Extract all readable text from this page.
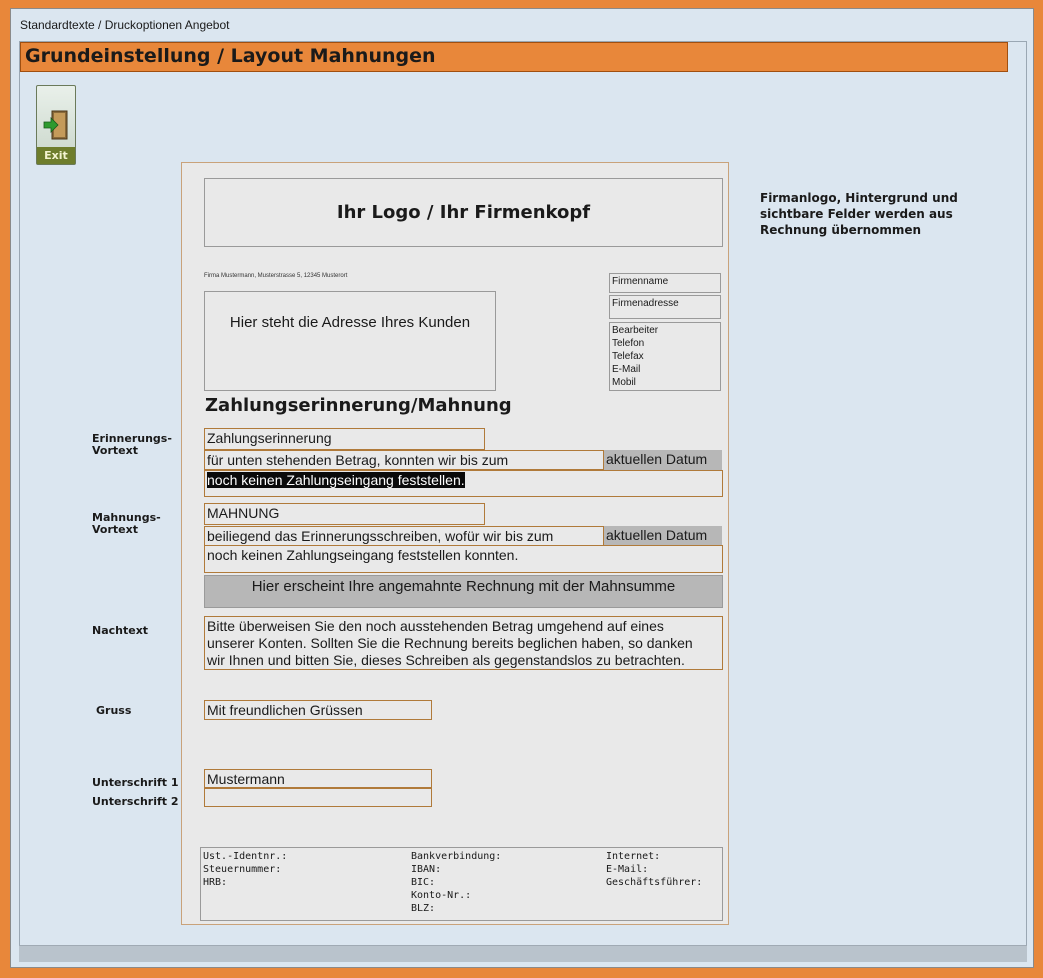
Standardtexte / Druckoptionen Angebot
Grundeinstellung / Layout Mahnungen
Exit
Erinnerungs-
Vortext
Mahnungs-
Vortext
Nachtext
Gruss
Unterschrift 1
Unterschrift 2
Firmanlogo, Hintergrund und sichtbare Felder werden aus Rechnung übernommen
Ihr Logo / Ihr Firmenkopf
Firma Mustermann, Musterstrasse 5, 12345 Musterort
Hier steht die Adresse Ihres Kunden
Firmenname
Firmenadresse
Bearbeiter
Telefon
Telefax
E-Mail
Mobil
Zahlungserinnerung/Mahnung
Zahlungserinnerung
für unten stehenden Betrag, konnten wir bis zum	aktuellen Datum
noch keinen Zahlungseingang feststellen.
MAHNUNG
beiliegend das Erinnerungsschreiben, wofür wir bis zum	aktuellen Datum
noch keinen Zahlungseingang feststellen konnten.
Hier erscheint Ihre angemahnte Rechnung mit der Mahnsumme
Bitte überweisen Sie den noch ausstehenden Betrag umgehend auf eines
unserer Konten. Sollten Sie die Rechnung bereits beglichen haben, so danken
wir Ihnen und bitten Sie, dieses Schreiben als gegenstandslos zu betrachten.
Mit freundlichen Grüssen
Mustermann
Ust.-Identnr.:
Steuernummer:
HRB:
Bankverbindung:
IBAN:
BIC:
Konto-Nr.:
BLZ:
Internet:
E-Mail:
Geschäftsführer:
